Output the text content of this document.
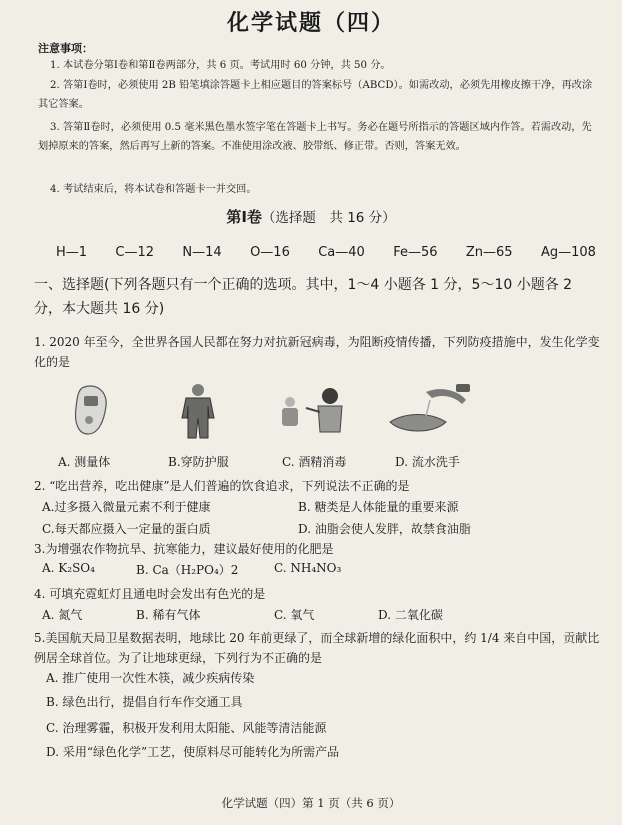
化学试题（四）
注意事项：
1. 本试卷分第Ⅰ卷和第Ⅱ卷两部分，共 6 页。考试用时 60 分钟，共 50 分。
2. 答第Ⅰ卷时，必须使用 2B 铅笔填涂答题卡上相应题目的答案标号（ABCD）。如需改动，必须先用橡皮擦干净，再改涂其它答案。
3. 答第Ⅱ卷时，必须使用 0.5 毫米黑色墨水签字笔在答题卡上书写。务必在题号所指示的答题区域内作答。若需改动，先划掉原来的答案，然后再写上新的答案。不准使用涂改液、胶带纸、修正带。否则，答案无效。
4. 考试结束后，将本试卷和答题卡一并交回。
第Ⅰ卷（选择题　共 16 分）
H—1 C—12 N—14 O—16 Ca—40 Fe—56 Zn—65 Ag—108
一、选择题(下列各题只有一个正确的选项。其中，1～4 小题各 1 分，5～10 小题各 2 分，本大题共 16 分)
1. 2020 年至今，全世界各国人民都在努力对抗新冠病毒，为阻断疫情传播，下列防疫措施中，发生化学变化的是
A. 测量体	B.穿防护服	C. 酒精消毒	D. 流水洗手
2. “吃出营养，吃出健康”是人们普遍的饮食追求，下列说法不正确的是
A.过多摄入微量元素不利于健康	B. 糖类是人体能量的重要来源
C.每天都应摄入一定量的蛋白质	D. 油脂会使人发胖，故禁食油脂
3.为增强农作物抗旱、抗寒能力，建议最好使用的化肥是
A. K₂SO₄	B. Ca（H₂PO₄）2	C. NH₄NO₃
4. 可填充霓虹灯且通电时会发出有色光的是
A. 氮气	B. 稀有气体	C. 氧气	D. 二氧化碳
5.美国航天局卫星数据表明，地球比 20 年前更绿了，而全球新增的绿化面积中，约 1/4 来自中国，贡献比例居全球首位。为了让地球更绿，下列行为不正确的是
A. 推广使用一次性木筷，减少疾病传染
B. 绿色出行，提倡自行车作交通工具
C. 治理雾霾，积极开发利用太阳能、风能等清洁能源
D. 采用“绿色化学”工艺，使原料尽可能转化为所需产品
化学试题（四）第 1 页（共 6 页）
